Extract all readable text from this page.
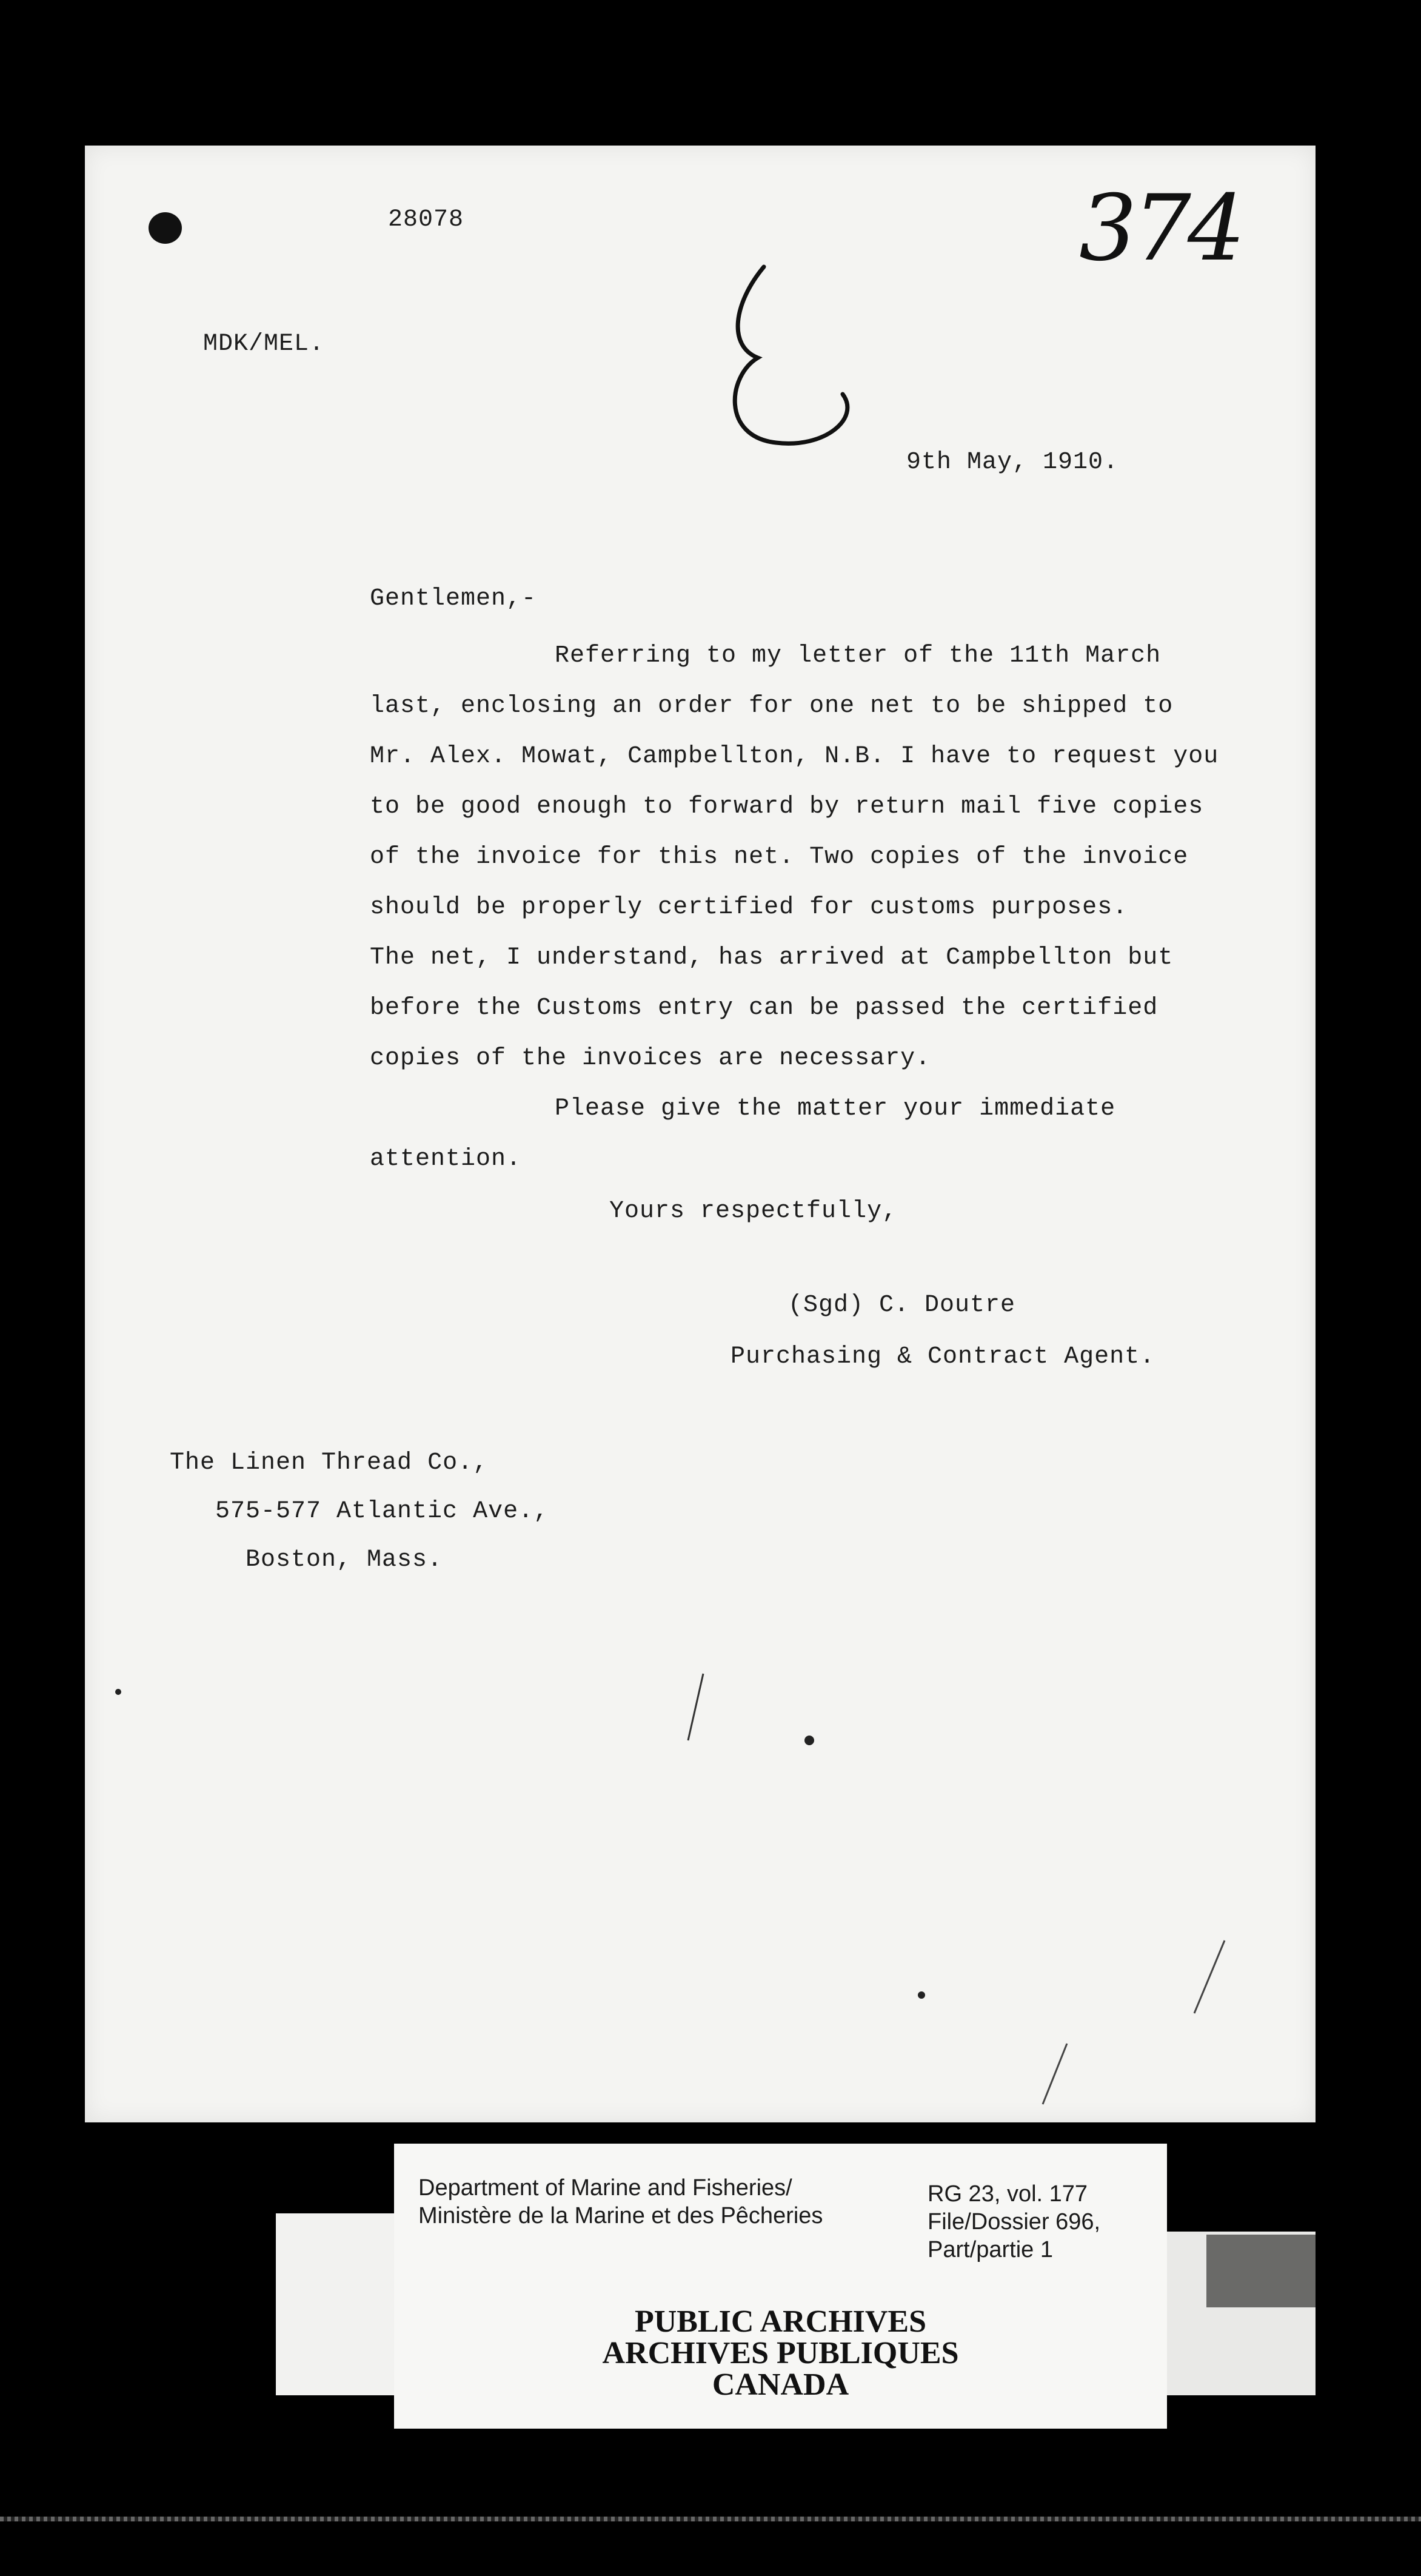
28078	374
MDK/MEL.
9th May, 1910.
Gentlemen,-
Referring to my letter of the 11th March
last, enclosing an order for one net to be shipped to
Mr. Alex. Mowat, Campbellton, N.B. I have to request you
to be good enough to forward by return mail five copies
of the invoice for this net. Two copies of the invoice
should be properly certified for customs purposes.
The net, I understand, has arrived at Campbellton but
before the Customs entry can be passed the certified
copies of the invoices are necessary.
Please give the matter your immediate
attention.
Yours respectfully,
(Sgd) C. Doutre
Purchasing & Contract Agent.
The Linen Thread Co.,
575-577 Atlantic Ave.,
Boston, Mass.
Department of Marine and Fisheries/
Ministère de la Marine et des Pêcheries
RG 23, vol. 177
File/Dossier 696,
Part/partie 1
PUBLIC ARCHIVES
ARCHIVES PUBLIQUES
CANADA
